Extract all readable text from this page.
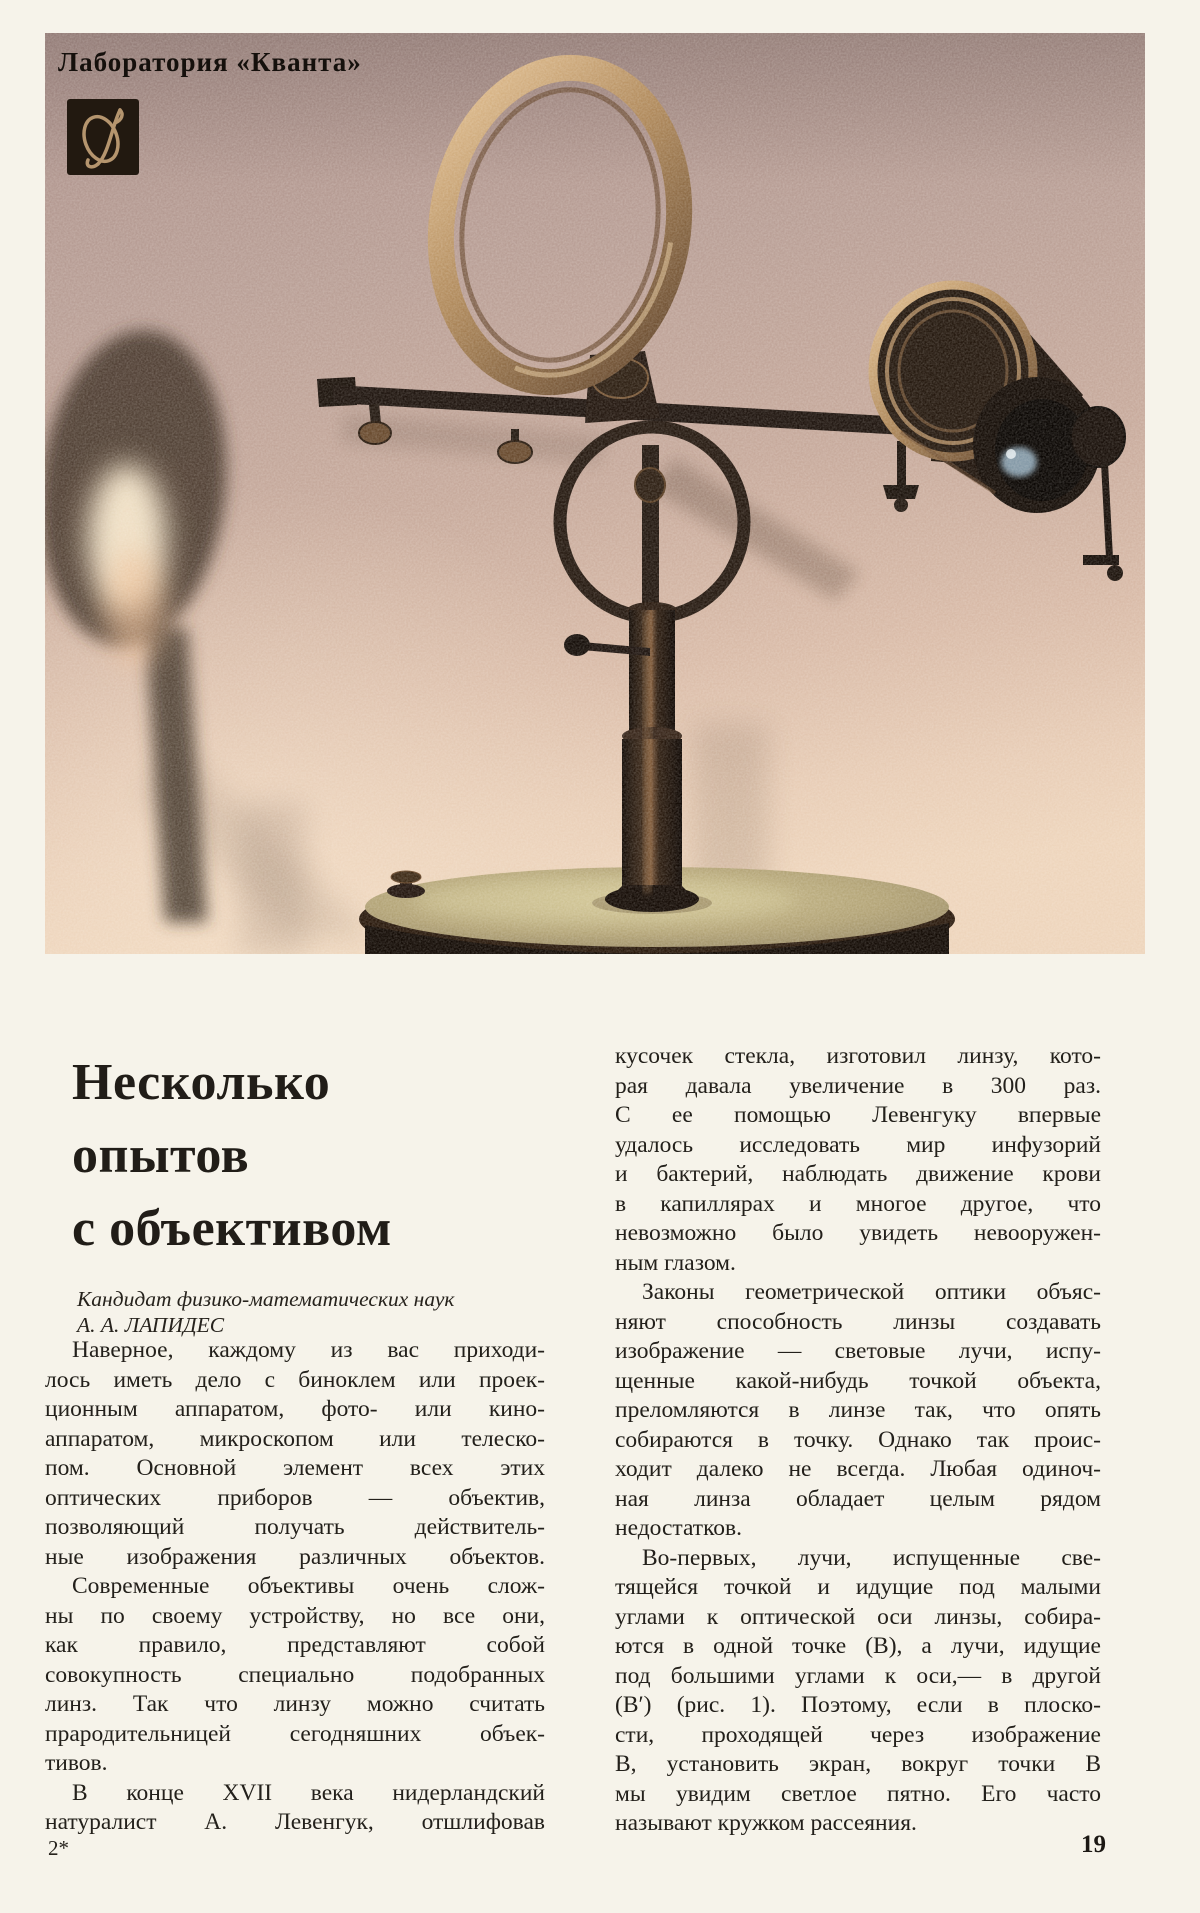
Лаборатория «Кванта»
Несколько
опытов
с объективом
Кандидат физико-математических наук
А. А. ЛАПИДЕС
Наверное, каждому из вас приходи-
лось иметь дело с биноклем или проек-
ционным аппаратом, фото- или кино-
аппаратом, микроскопом или телеско-
пом. Основной элемент всех этих
оптических приборов — объектив,
позволяющий получать действитель-
ные изображения различных объектов.
Современные объективы очень слож-
ны по своему устройству, но все они,
как правило, представляют собой
совокупность специально подобранных
линз. Так что линзу можно считать
прародительницей сегодняшних объек-
тивов.
В конце XVII века нидерландский
натуралист А. Левенгук, отшлифовав
кусочек стекла, изготовил линзу, кото-
рая давала увеличение в 300 раз.
С ее помощью Левенгуку впервые
удалось исследовать мир инфузорий
и бактерий, наблюдать движение крови
в капиллярах и многое другое, что
невозможно было увидеть невооружен-
ным глазом.
Законы геометрической оптики объяс-
няют способность линзы создавать
изображение — световые лучи, испу-
щенные какой-нибудь точкой объекта,
преломляются в линзе так, что опять
собираются в точку. Однако так проис-
ходит далеко не всегда. Любая одиноч-
ная линза обладает целым рядом
недостатков.
Во-первых, лучи, испущенные све-
тящейся точкой и идущие под малыми
углами к оптической оси линзы, собира-
ются в одной точке (B), а лучи, идущие
под большими углами к оси,— в другой
(B′) (рис. 1). Поэтому, если в плоско-
сти, проходящей через изображение
B, установить экран, вокруг точки B
мы увидим светлое пятно. Его часто
называют кружком рассеяния.
2*	19
